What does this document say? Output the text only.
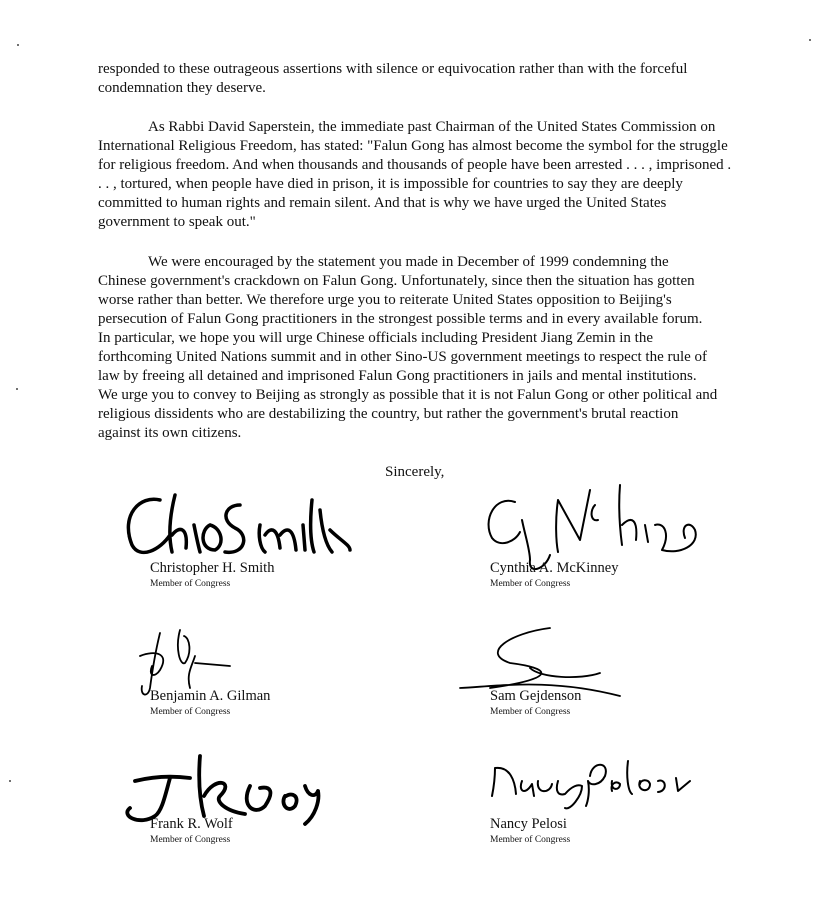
responded to these outrageous assertions with silence or equivocation rather than with the forceful condemnation they deserve.

As Rabbi David Saperstein, the immediate past Chairman of the United States Commission on International Religious Freedom, has stated: "Falun Gong has almost become the symbol for the struggle for religious freedom. And when thousands and thousands of people have been arrested . . . , imprisoned . . . , tortured, when people have died in prison, it is impossible for countries to say they are deeply committed to human rights and remain silent. And that is why we have urged the United States government to speak out."

We were encouraged by the statement you made in December of 1999 condemning the Chinese government's crackdown on Falun Gong. Unfortunately, since then the situation has gotten worse rather than better. We therefore urge you to reiterate United States opposition to Beijing's persecution of Falun Gong practitioners in the strongest possible terms and in every available forum. In particular, we hope you will urge Chinese officials including President Jiang Zemin in the forthcoming United Nations summit and in other Sino-US government meetings to respect the rule of law by freeing all detained and imprisoned Falun Gong practitioners in jails and mental institutions. We urge you to convey to Beijing as strongly as possible that it is not Falun Gong or other political and religious dissidents who are destabilizing the country, but rather the government's brutal reaction against its own citizens.

Sincerely,
Christopher H. Smith
Member of Congress
Cynthia A. McKinney
Member of Congress
Benjamin A. Gilman
Member of Congress
Sam Gejdenson
Member of Congress
Frank R. Wolf
Member of Congress
Nancy Pelosi
Member of Congress
